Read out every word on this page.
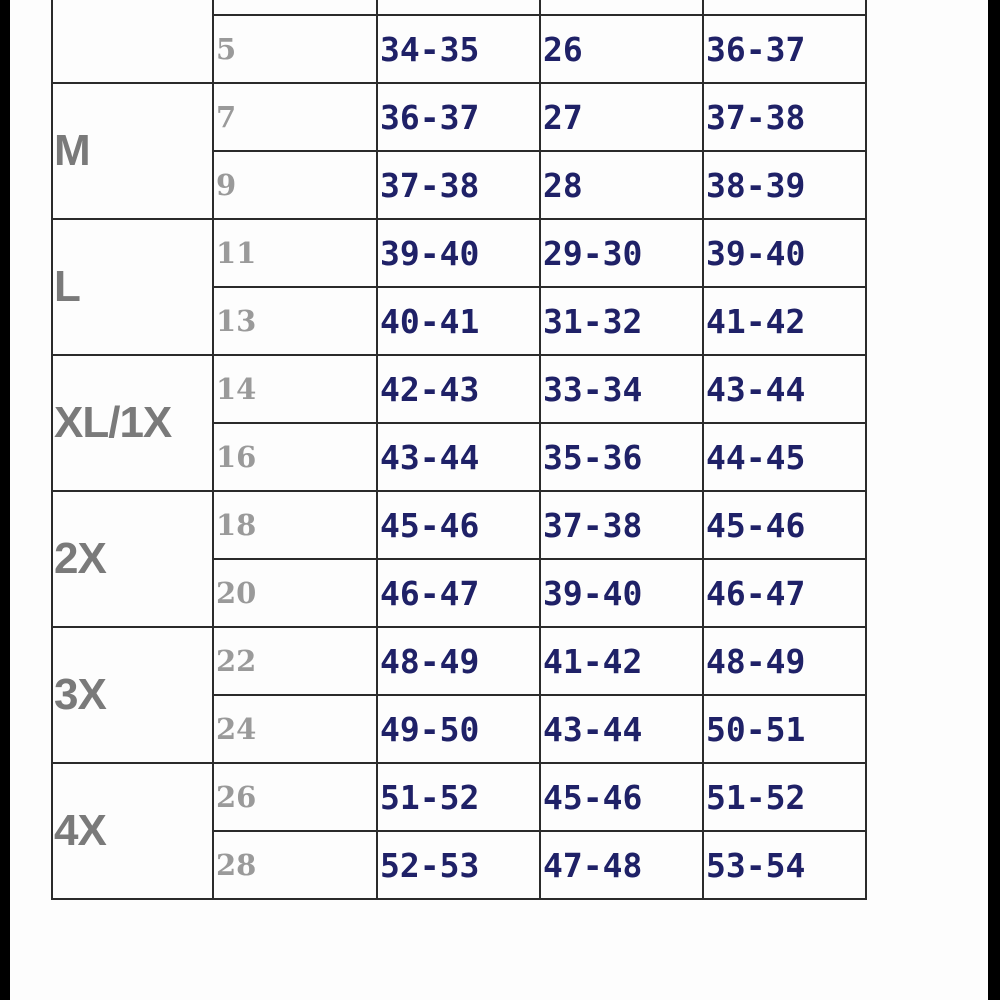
	5	34-35	26	36-37
M	7	36-37	27	37-38
	9	37-38	28	38-39
L	11	39-40	29-30	39-40
	13	40-41	31-32	41-42
XL/1X	14	42-43	33-34	43-44
	16	43-44	35-36	44-45
2X	18	45-46	37-38	45-46
	20	46-47	39-40	46-47
3X	22	48-49	41-42	48-49
	24	49-50	43-44	50-51
4X	26	51-52	45-46	51-52
	28	52-53	47-48	53-54
